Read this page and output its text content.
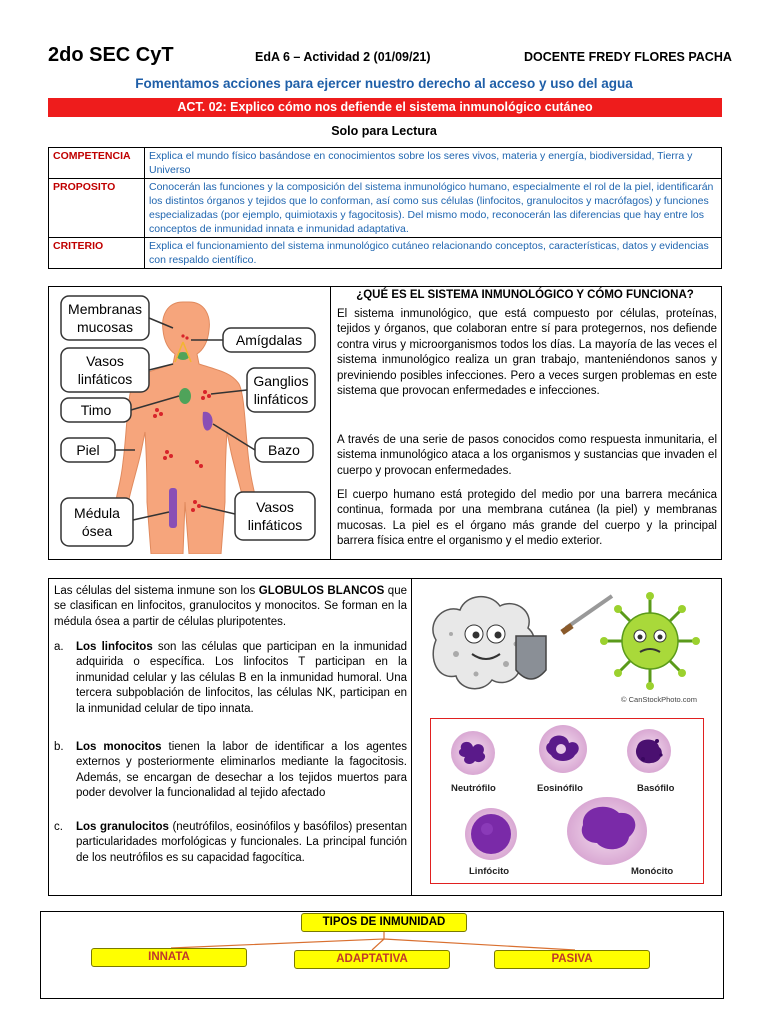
2do SEC CyT	EdA 6 – Actividad 2 (01/09/21)	DOCENTE FREDY FLORES PACHA
Fomentamos acciones para ejercer nuestro derecho al acceso y uso del agua
ACT. 02: Explico cómo nos defiende el sistema inmunológico cutáneo
Solo para Lectura
COMPETENCIA	Explica el mundo físico basándose en conocimientos sobre los seres vivos, materia y energía, biodiversidad, Tierra y Universo
PROPOSITO	Conocerán las funciones y la composición del sistema inmunológico humano, especialmente el rol de la piel, identificarán los distintos órganos y tejidos que lo conforman, así como sus células (linfocitos, granulocitos y macrófagos) y funciones especializadas (por ejemplo, quimiotaxis y fagocitosis). Del mismo modo, reconocerán las diferencias que hay entre los conceptos de inmunidad innata e inmunidad adaptativa.
CRITERIO	Explica el funcionamiento del sistema inmunológico cutáneo relacionando conceptos, características, datos y evidencias con respaldo científico.
Membranas
mucosas
Amígdalas
Vasos
linfáticos	Ganglios
linfáticos
Timo
Piel	Bazo
Médula
ósea
Vasos
linfáticos
¿QUÉ ES EL SISTEMA INMUNOLÓGICO Y CÓMO FUNCIONA?
El sistema inmunológico, que está compuesto por células, proteínas, tejidos y órganos, que colaboran entre sí para protegernos, nos defiende contra virus y microorganismos todos los días. La mayoría de las veces el sistema inmunológico realiza un gran trabajo, manteniéndonos sanos y previniendo posibles infecciones. Pero a veces surgen problemas en este sistema que provocan enfermedades e infecciones.
A través de una serie de pasos conocidos como respuesta inmunitaria, el sistema inmunológico ataca a los organismos y sustancias que invaden el cuerpo y provocan enfermedades.
El cuerpo humano está protegido del medio por una barrera mecánica continua, formada por una membrana cutánea (la piel) y membranas mucosas. La piel es el órgano más grande del cuerpo y la principal barrera física entre el organismo y el medio exterior.
Las células del sistema inmune son los GLOBULOS BLANCOS que se clasifican en linfocitos, granulocitos y monocitos. Se forman en la médula ósea a partir de células pluripotentes.
a. Los linfocitos son las células que participan en la inmunidad adquirida o específica. Los linfocitos T participan en la inmunidad celular y las células B en la inmunidad humoral. Una tercera subpoblación de linfocitos, las células NK, participan en la inmunidad celular de tipo innata.
b. Los monocitos tienen la labor de identificar a los agentes externos y posteriormente eliminarlos mediante la fagocitosis. Además, se encargan de desechar a los tejidos muertos para poder devolver la funcionalidad al tejido afectado
c. Los granulocitos (neutrófilos, eosinófilos y basófilos) presentan particularidades morfológicas y funcionales. La principal función de los neutrófilos es su capacidad fagocítica.
© CanStockPhoto.com
Neutrófilo	Eosinófilo	Basófilo
Linfócito	Monócito
TIPOS DE INMUNIDAD
INNATA	ADAPTATIVA	PASIVA
